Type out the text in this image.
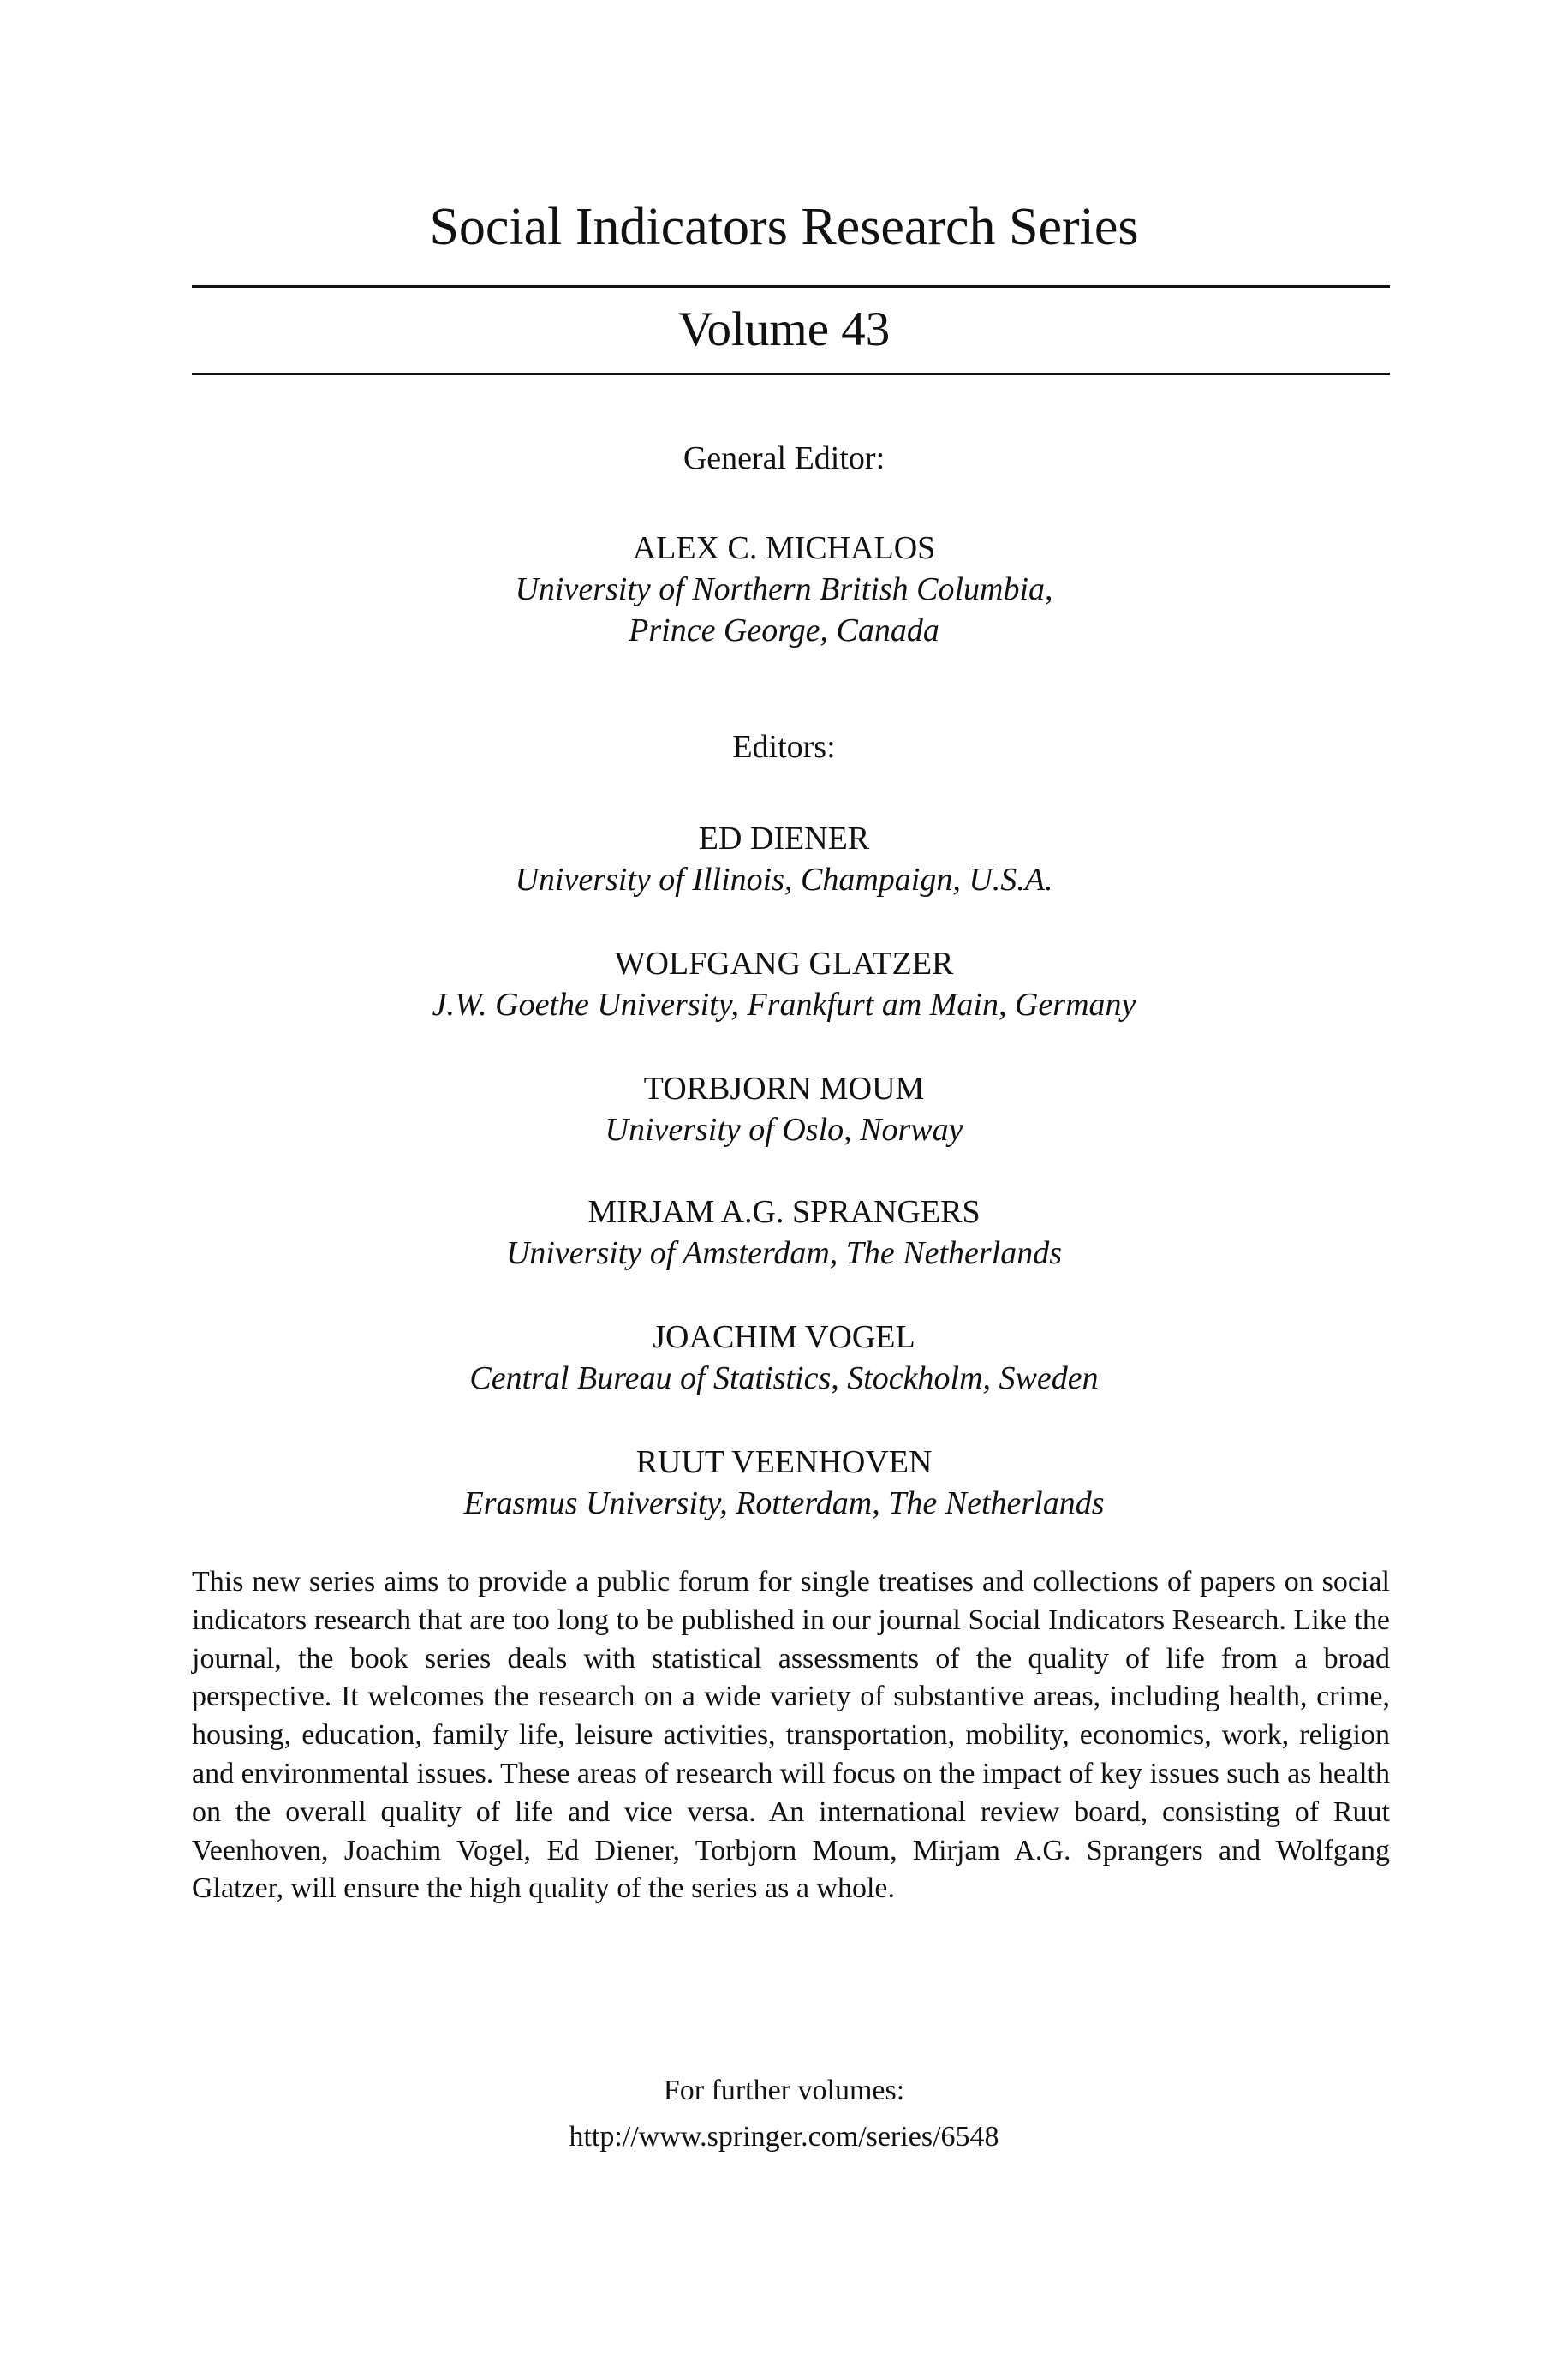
Social Indicators Research Series
Volume 43
General Editor:
ALEX C. MICHALOS
University of Northern British Columbia,
Prince George, Canada
Editors:
ED DIENER
University of Illinois, Champaign, U.S.A.
WOLFGANG GLATZER
J.W. Goethe University, Frankfurt am Main, Germany
TORBJORN MOUM
University of Oslo, Norway
MIRJAM A.G. SPRANGERS
University of Amsterdam, The Netherlands
JOACHIM VOGEL
Central Bureau of Statistics, Stockholm, Sweden
RUUT VEENHOVEN
Erasmus University, Rotterdam, The Netherlands

This new series aims to provide a public forum for single treatises and collections of papers on social indicators research that are too long to be published in our journal Social Indicators Research. Like the journal, the book series deals with statistical assessments of the quality of life from a broad perspective. It welcomes the research on a wide variety of substantive areas, including health, crime, housing, education, family life, leisure activities, transportation, mobility, economics, work, religion and environmental issues. These areas of research will focus on the impact of key issues such as health on the overall quality of life and vice versa. An international review board, consisting of Ruut Veenhoven, Joachim Vogel, Ed Diener, Torbjorn Moum, Mirjam A.G. Sprangers and Wolfgang Glatzer, will ensure the high quality of the series as a whole.

For further volumes:
http://www.springer.com/series/6548
